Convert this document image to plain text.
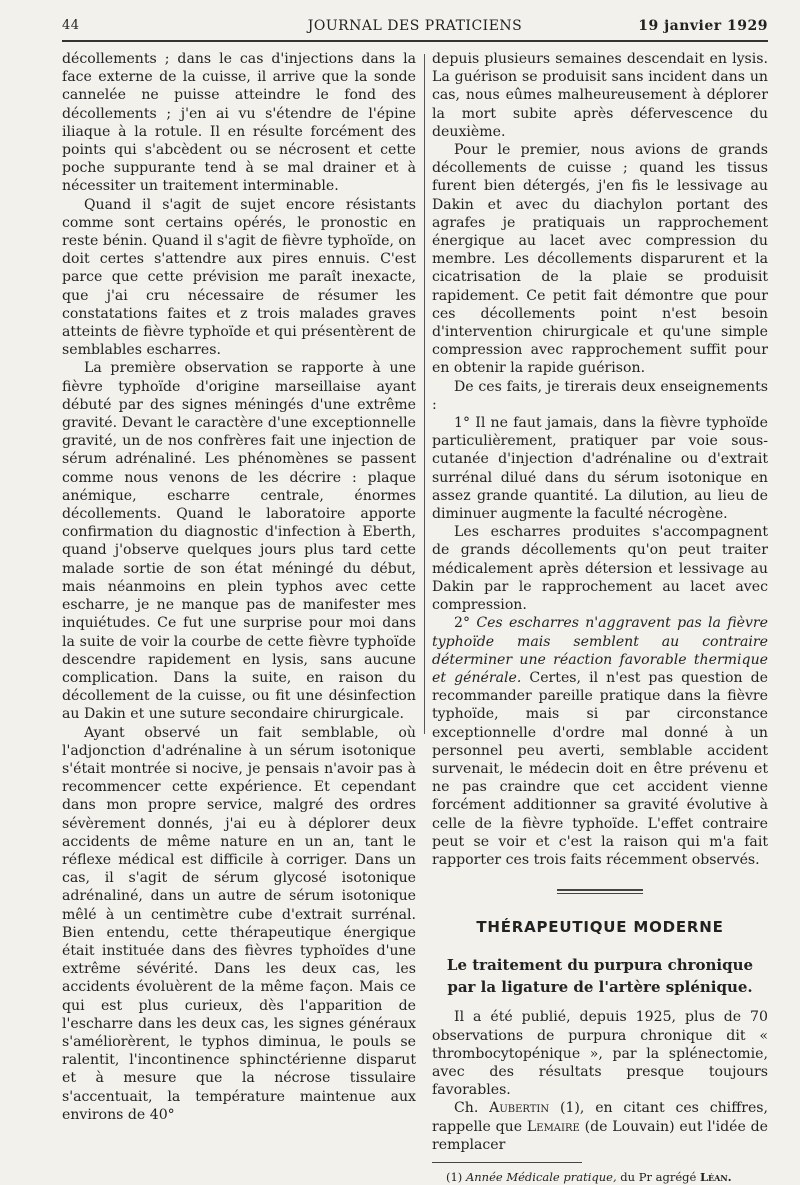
44	JOURNAL DES PRATICIENS	19 janvier 1929

décollements ; dans le cas d'injections dans la face externe de la cuisse, il arrive que la sonde cannelée ne puisse atteindre le fond des décollements ; j'en ai vu s'étendre de l'épine iliaque à la rotule. Il en résulte forcément des points qui s'abcèdent ou se nécrosent et cette poche suppurante tend à se mal drainer et à nécessiter un traitement interminable.

Quand il s'agit de sujet encore résistants comme sont certains opérés, le pronostic en reste bénin. Quand il s'agit de fièvre typhoïde, on doit certes s'attendre aux pires ennuis. C'est parce que cette prévision me paraît inexacte, que j'ai cru nécessaire de résumer les constatations faites et z trois malades graves atteints de fièvre typhoïde et qui présentèrent de semblables escharres.

La première observation se rapporte à une fièvre typhoïde d'origine marseillaise ayant débuté par des signes méningés d'une extrême gravité. Devant le caractère d'une exceptionnelle gravité, un de nos confrères fait une injection de sérum adrénaliné. Les phénomènes se passent comme nous venons de les décrire : plaque anémique, escharre centrale, énormes décollements. Quand le laboratoire apporte confirmation du diagnostic d'infection à Eberth, quand j'observe quelques jours plus tard cette malade sortie de son état méningé du début, mais néanmoins en plein typhos avec cette escharre, je ne manque pas de manifester mes inquiétudes. Ce fut une surprise pour moi dans la suite de voir la courbe de cette fièvre typhoïde descendre rapidement en lysis, sans aucune complication. Dans la suite, en raison du décollement de la cuisse, ou fit une désinfection au Dakin et une suture secondaire chirurgicale.

Ayant observé un fait semblable, où l'adjonction d'adrénaline à un sérum isotonique s'était montrée si nocive, je pensais n'avoir pas à recommencer cette expérience. Et cependant dans mon propre service, malgré des ordres sévèrement donnés, j'ai eu à déplorer deux accidents de même nature en un an, tant le réflexe médical est difficile à corriger. Dans un cas, il s'agit de sérum glycosé isotonique adrénaliné, dans un autre de sérum isotonique mêlé à un centimètre cube d'extrait surrénal. Bien entendu, cette thérapeutique énergique était instituée dans des fièvres typhoïdes d'une extrême sévérité. Dans les deux cas, les accidents évoluèrent de la même façon. Mais ce qui est plus curieux, dès l'apparition de l'escharre dans les deux cas, les signes généraux s'améliorèrent, le typhos diminua, le pouls se ralentit, l'incontinence sphinctérienne disparut et à mesure que la nécrose tissulaire s'accentuait, la température maintenue aux environs de 40°

depuis plusieurs semaines descendait en lysis. La guérison se produisit sans incident dans un cas, nous eûmes malheureusement à déplorer la mort subite après défervescence du deuxième.

Pour le premier, nous avions de grands décollements de cuisse ; quand les tissus furent bien détergés, j'en fis le lessivage au Dakin et avec du diachylon portant des agrafes je pratiquais un rapprochement énergique au lacet avec compression du membre. Les décollements disparurent et la cicatrisation de la plaie se produisit rapidement. Ce petit fait démontre que pour ces décollements point n'est besoin d'intervention chirurgicale et qu'une simple compression avec rapprochement suffit pour en obtenir la rapide guérison.

De ces faits, je tirerais deux enseignements :

1° Il ne faut jamais, dans la fièvre typhoïde particulièrement, pratiquer par voie sous-cutanée d'injection d'adrénaline ou d'extrait surrénal dilué dans du sérum isotonique en assez grande quantité. La dilution, au lieu de diminuer augmente la faculté nécrogène.

Les escharres produites s'accompagnent de grands décollements qu'on peut traiter médicalement après détersion et lessivage au Dakin par le rapprochement au lacet avec compression.

2° Ces escharres n'aggravent pas la fièvre typhoïde mais semblent au contraire déterminer une réaction favorable thermique et générale. Certes, il n'est pas question de recommander pareille pratique dans la fièvre typhoïde, mais si par circonstance exceptionnelle d'ordre mal donné à un personnel peu averti, semblable accident survenait, le médecin doit en être prévenu et ne pas craindre que cet accident vienne forcément additionner sa gravité évolutive à celle de la fièvre typhoïde. L'effet contraire peut se voir et c'est la raison qui m'a fait rapporter ces trois faits récemment observés.

THÉRAPEUTIQUE MODERNE
Le traitement du purpura chronique
par la ligature de l'artère splénique.

Il a été publié, depuis 1925, plus de 70 observations de purpura chronique dit « thrombocytopénique », par la splénectomie, avec des résultats presque toujours favorables.

Ch. Aubertin (1), en citant ces chiffres, rappelle que Lemaire (de Louvain) eut l'idée de remplacer

(1) Année Médicale pratique, du Pr agrégé Léan.
